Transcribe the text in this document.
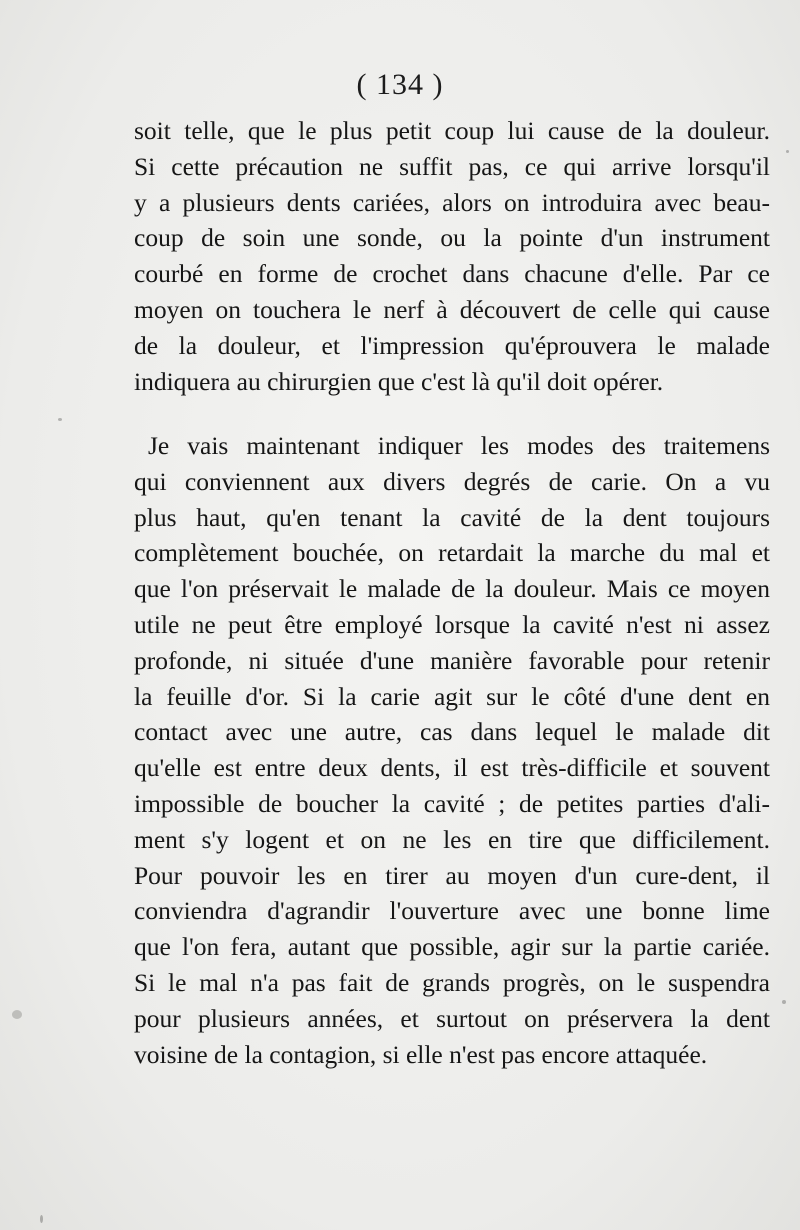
( 134 )
soit telle, que le plus petit coup lui cause de la douleur.
Si cette précaution ne suffit pas, ce qui arrive lorsqu'il
y a plusieurs dents cariées, alors on introduira avec beau-
coup de soin une sonde, ou la pointe d'un instrument
courbé en forme de crochet dans chacune d'elle. Par ce
moyen on touchera le nerf à découvert de celle qui cause
de la douleur, et l'impression qu'éprouvera le malade
indiquera au chirurgien que c'est là qu'il doit opérer.
Je vais maintenant indiquer les modes des traitemens
qui conviennent aux divers degrés de carie. On a vu
plus haut, qu'en tenant la cavité de la dent toujours
complètement bouchée, on retardait la marche du mal et
que l'on préservait le malade de la douleur. Mais ce moyen
utile ne peut être employé lorsque la cavité n'est ni assez
profonde, ni située d'une manière favorable pour retenir
la feuille d'or. Si la carie agit sur le côté d'une dent en
contact avec une autre, cas dans lequel le malade dit
qu'elle est entre deux dents, il est très-difficile et souvent
impossible de boucher la cavité ; de petites parties d'ali-
ment s'y logent et on ne les en tire que difficilement.
Pour pouvoir les en tirer au moyen d'un cure-dent, il
conviendra d'agrandir l'ouverture avec une bonne lime
que l'on fera, autant que possible, agir sur la partie cariée.
Si le mal n'a pas fait de grands progrès, on le suspendra
pour plusieurs années, et surtout on préservera la dent
voisine de la contagion, si elle n'est pas encore attaquée.
